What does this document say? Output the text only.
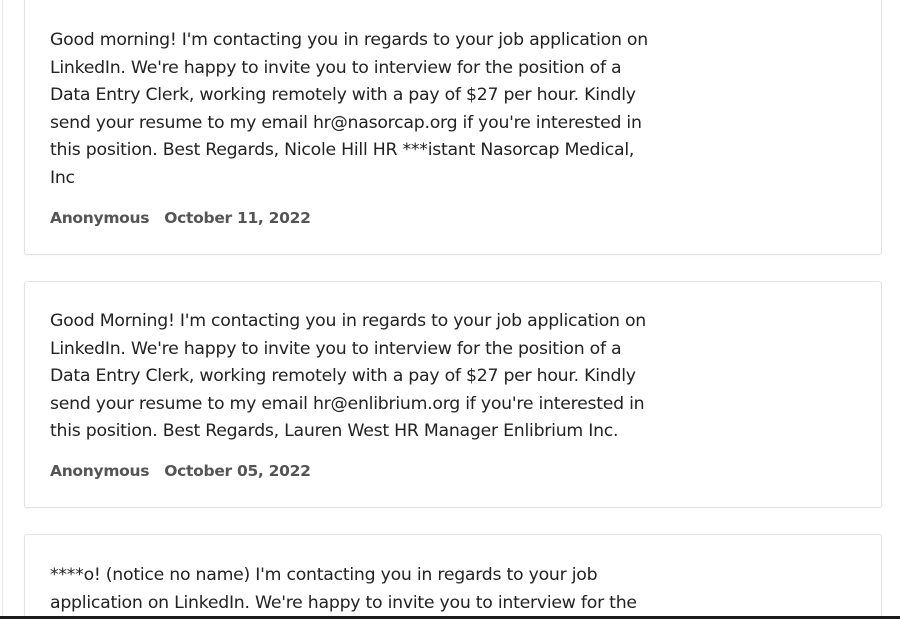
Good morning! I'm contacting you in regards to your job application on LinkedIn. We're happy to invite you to interview for the position of a Data Entry Clerk, working remotely with a pay of $27 per hour. Kindly send your resume to my email hr@nasorcap.org if you're interested in this position. Best Regards, Nicole Hill HR ***istant Nasorcap Medical, Inc

Anonymous October 11, 2022

Good Morning! I'm contacting you in regards to your job application on LinkedIn. We're happy to invite you to interview for the position of a Data Entry Clerk, working remotely with a pay of $27 per hour. Kindly send your resume to my email hr@enlibrium.org if you're interested in this position. Best Regards, Lauren West HR Manager Enlibrium Inc.

Anonymous October 05, 2022

****o! (notice no name) I'm contacting you in regards to your job application on LinkedIn. We're happy to invite you to interview for the
